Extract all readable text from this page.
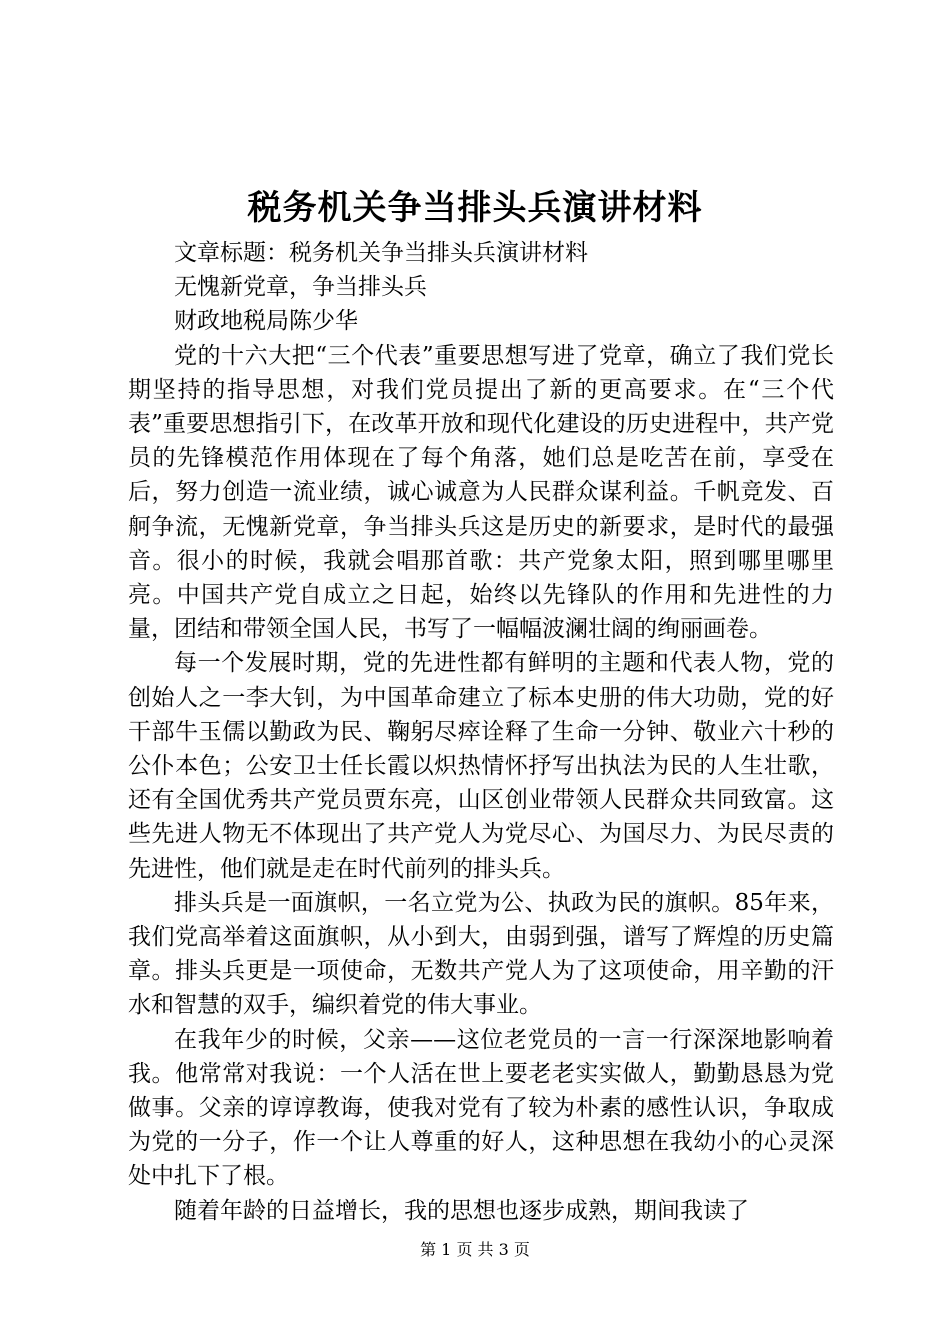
税务机关争当排头兵演讲材料

文章标题：税务机关争当排头兵演讲材料

无愧新党章，争当排头兵

财政地税局陈少华

党的十六大把“三个代表”重要思想写进了党章，确立了我们党长期坚持的指导思想，对我们党员提出了新的更高要求。在“三个代表”重要思想指引下，在改革开放和现代化建设的历史进程中，共产党员的先锋模范作用体现在了每个角落，她们总是吃苦在前，享受在后，努力创造一流业绩，诚心诚意为人民群众谋利益。千帆竞发、百舸争流，无愧新党章，争当排头兵这是历史的新要求，是时代的最强音。很小的时候，我就会唱那首歌：共产党象太阳，照到哪里哪里亮。中国共产党自成立之日起，始终以先锋队的作用和先进性的力量，团结和带领全国人民，书写了一幅幅波澜壮阔的绚丽画卷。

每一个发展时期，党的先进性都有鲜明的主题和代表人物，党的创始人之一李大钊，为中国革命建立了标本史册的伟大功勋，党的好干部牛玉儒以勤政为民、鞠躬尽瘁诠释了生命一分钟、敬业六十秒的公仆本色；公安卫士任长霞以炽热情怀抒写出执法为民的人生壮歌，还有全国优秀共产党员贾东亮，山区创业带领人民群众共同致富。这些先进人物无不体现出了共产党人为党尽心、为国尽力、为民尽责的先进性，他们就是走在时代前列的排头兵。

排头兵是一面旗帜，一名立党为公、执政为民的旗帜。85年来，我们党高举着这面旗帜，从小到大，由弱到强，谱写了辉煌的历史篇章。排头兵更是一项使命，无数共产党人为了这项使命，用辛勤的汗水和智慧的双手，编织着党的伟大事业。

在我年少的时候，父亲——这位老党员的一言一行深深地影响着我。他常常对我说：一个人活在世上要老老实实做人，勤勤恳恳为党做事。父亲的谆谆教诲，使我对党有了较为朴素的感性认识，争取成为党的一分子，作一个让人尊重的好人，这种思想在我幼小的心灵深处中扎下了根。

随着年龄的日益增长，我的思想也逐步成熟，期间我读了

第 1 页 共 3 页
